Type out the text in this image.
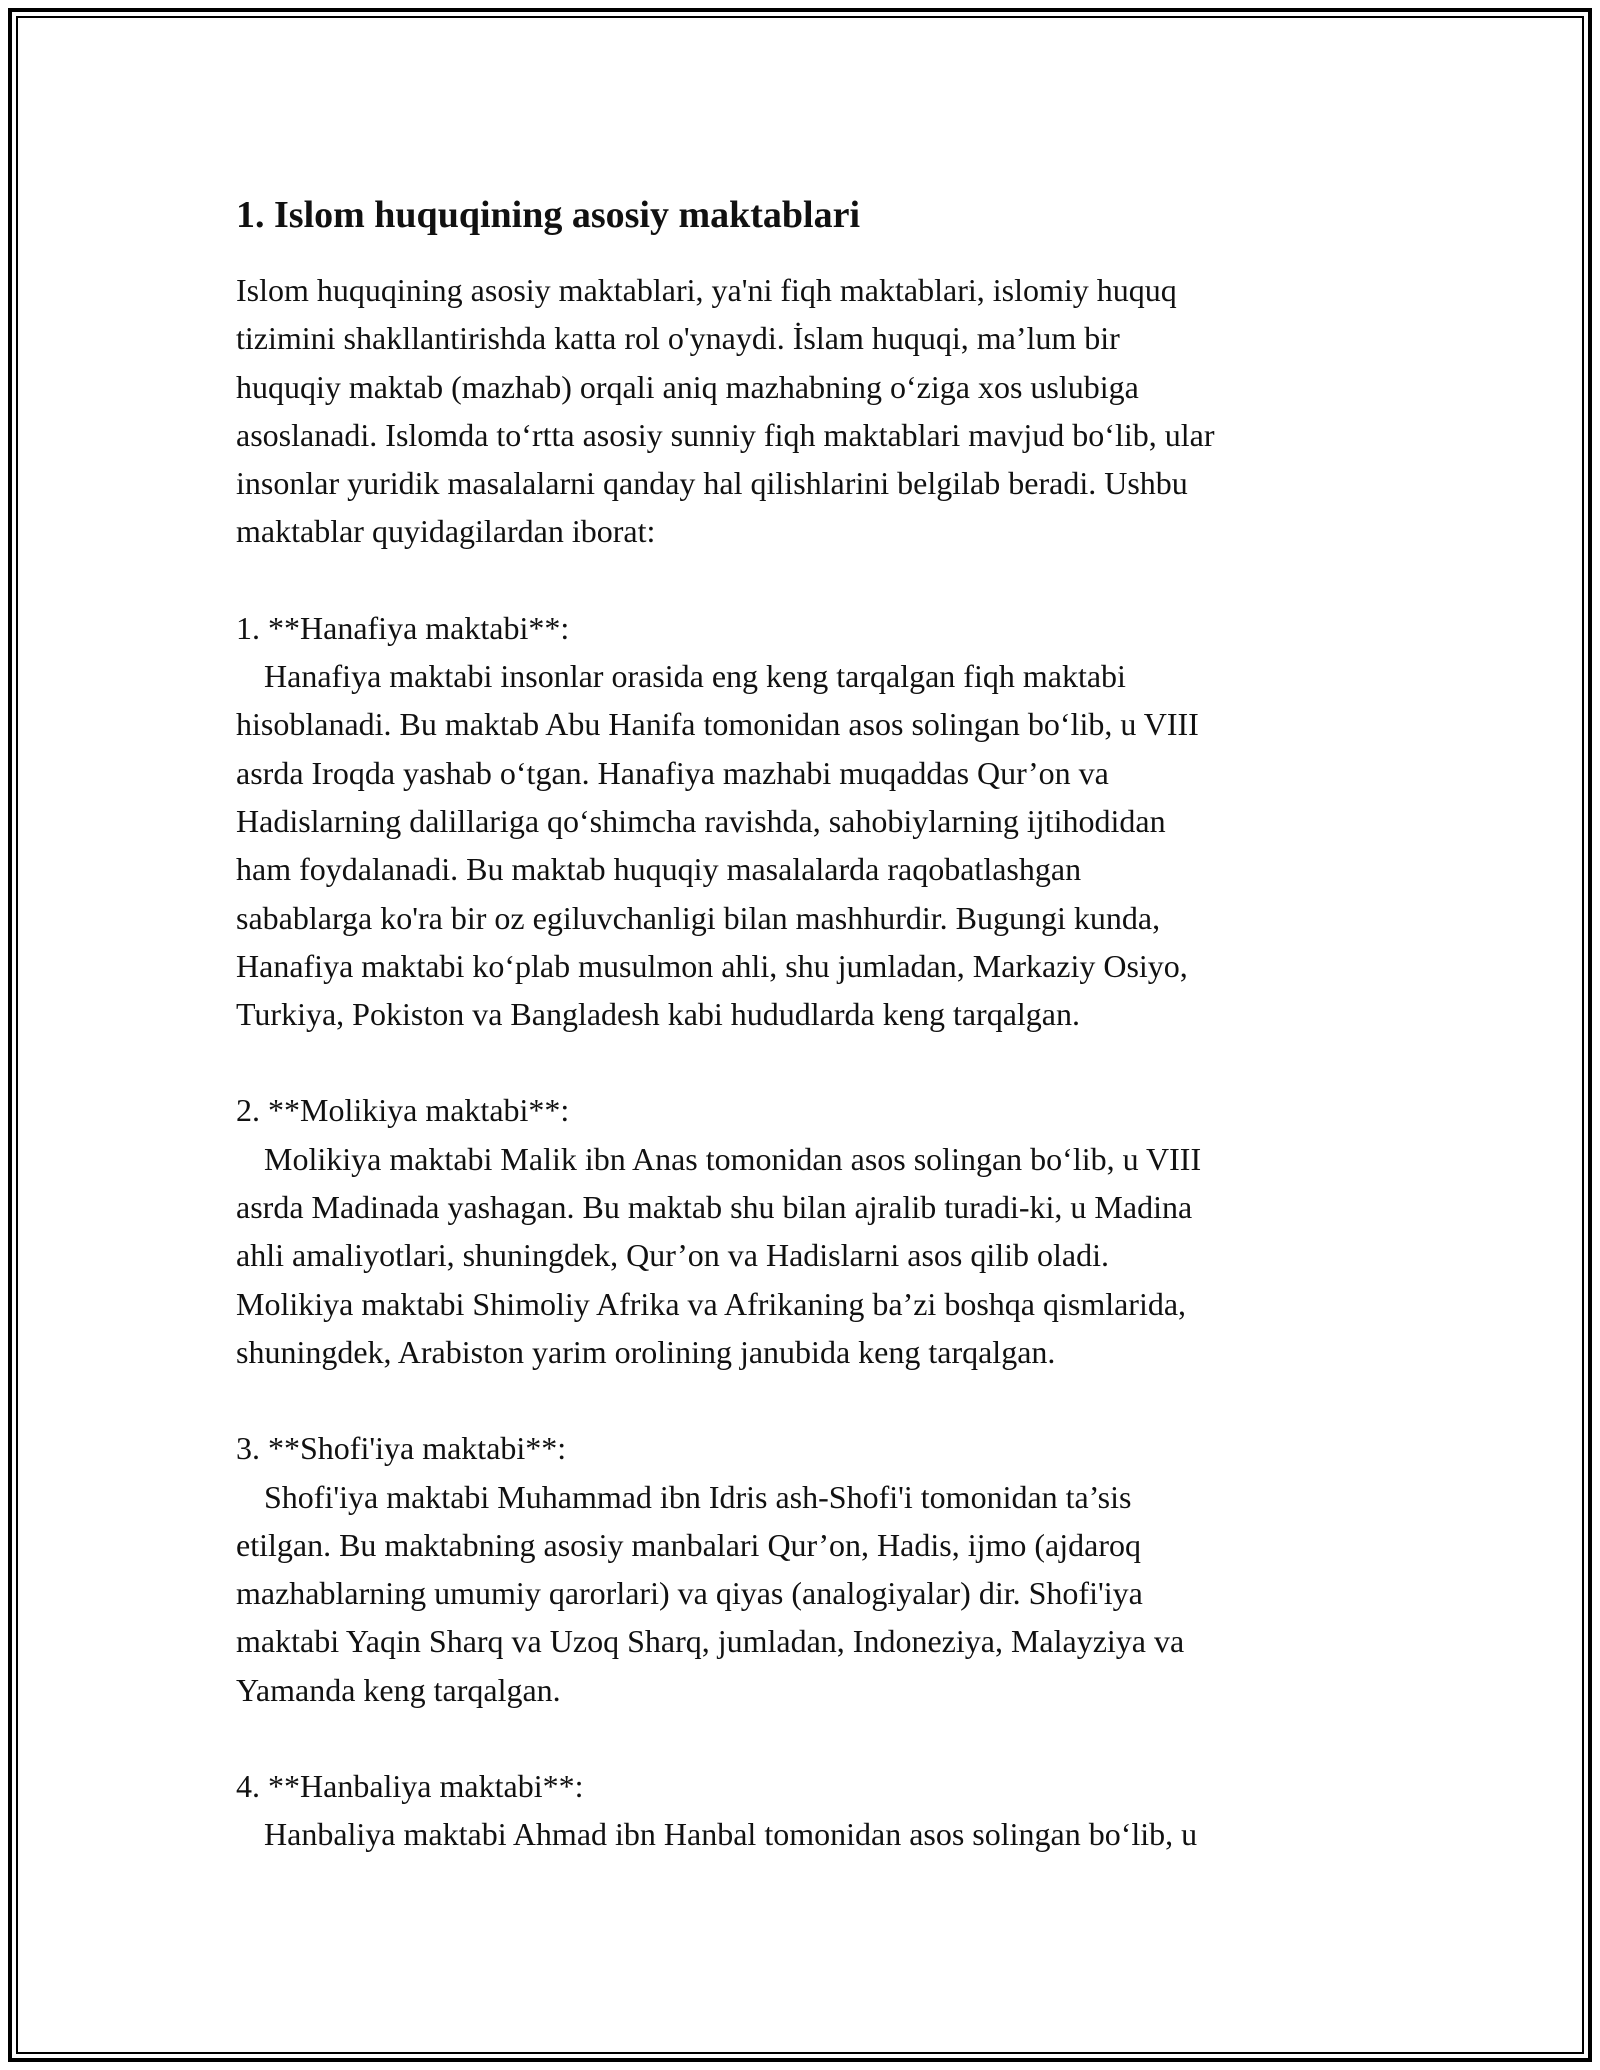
1. Islom huquqining asosiy maktablari

Islom huquqining asosiy maktablari, ya'ni fiqh maktablari, islomiy huquq
tizimini shakllantirishda katta rol o'ynaydi. İslam huquqi, ma’lum bir
huquqiy maktab (mazhab) orqali aniq mazhabning o‘ziga xos uslubiga
asoslanadi. Islomda to‘rtta asosiy sunniy fiqh maktablari mavjud bo‘lib, ular
insonlar yuridik masalalarni qanday hal qilishlarini belgilab beradi. Ushbu
maktablar quyidagilardan iborat:

1. **Hanafiya maktabi**:

Hanafiya maktabi insonlar orasida eng keng tarqalgan fiqh maktabi
hisoblanadi. Bu maktab Abu Hanifa tomonidan asos solingan bo‘lib, u VIII
asrda Iroqda yashab o‘tgan. Hanafiya mazhabi muqaddas Qur’on va
Hadislarning dalillariga qo‘shimcha ravishda, sahobiylarning ijtihodidan
ham foydalanadi. Bu maktab huquqiy masalalarda raqobatlashgan
sabablarga ko'ra bir oz egiluvchanligi bilan mashhurdir. Bugungi kunda,
Hanafiya maktabi ko‘plab musulmon ahli, shu jumladan, Markaziy Osiyo,
Turkiya, Pokiston va Bangladesh kabi hududlarda keng tarqalgan.

2. **Molikiya maktabi**:

Molikiya maktabi Malik ibn Anas tomonidan asos solingan bo‘lib, u VIII
asrda Madinada yashagan. Bu maktab shu bilan ajralib turadi-ki, u Madina
ahli amaliyotlari, shuningdek, Qur’on va Hadislarni asos qilib oladi.
Molikiya maktabi Shimoliy Afrika va Afrikaning ba’zi boshqa qismlarida,
shuningdek, Arabiston yarim orolining janubida keng tarqalgan.

3. **Shofi'iya maktabi**:

Shofi'iya maktabi Muhammad ibn Idris ash-Shofi'i tomonidan ta’sis
etilgan. Bu maktabning asosiy manbalari Qur’on, Hadis, ijmo (ajdaroq
mazhablarning umumiy qarorlari) va qiyas (analogiyalar) dir. Shofi'iya
maktabi Yaqin Sharq va Uzoq Sharq, jumladan, Indoneziya, Malayziya va
Yamanda keng tarqalgan.

4. **Hanbaliya maktabi**:

Hanbaliya maktabi Ahmad ibn Hanbal tomonidan asos solingan bo‘lib, u
